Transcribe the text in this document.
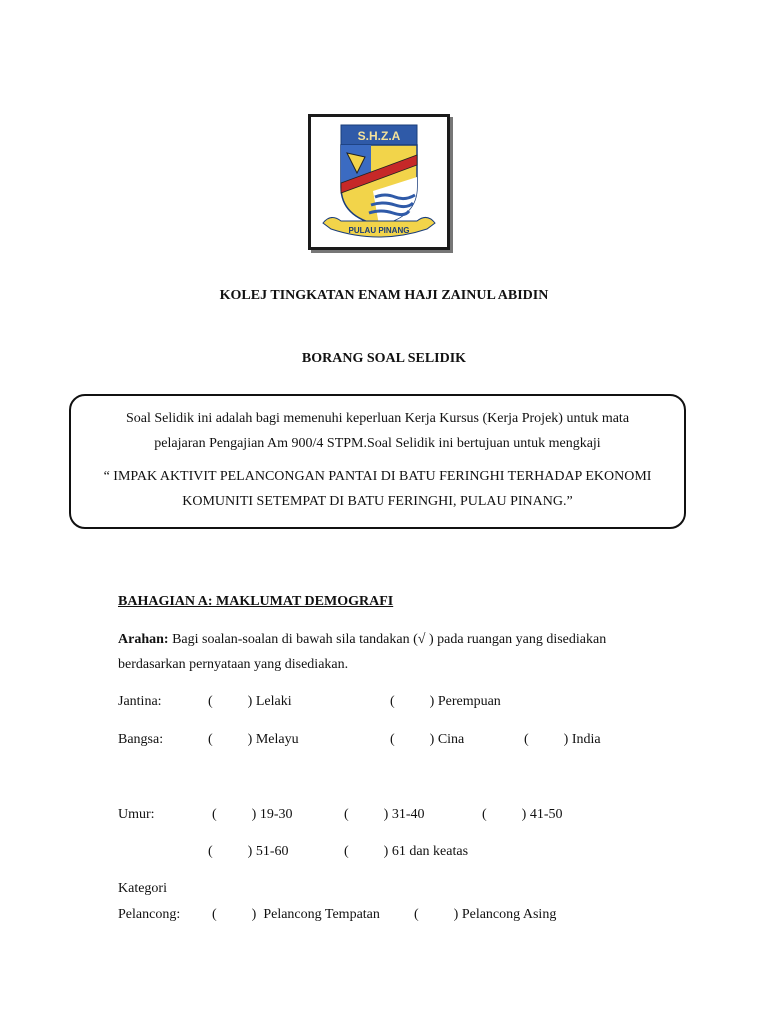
S.H.Z.A
PULAU PINANG
KOLEJ TINGKATAN ENAM HAJI ZAINUL ABIDIN
BORANG SOAL SELIDIK

Soal Selidik ini adalah bagi memenuhi keperluan Kerja Kursus (Kerja Projek) untuk mata

pelajaran Pengajian Am 900/4 STPM.Soal Selidik ini bertujuan untuk mengkaji

“ IMPAK AKTIVIT PELANCONGAN PANTAI DI BATU FERINGHI TERHADAP EKONOMI

KOMUNITI SETEMPAT DI BATU FERINGHI, PULAU PINANG.”

BAHAGIAN A: MAKLUMAT DEMOGRAFI
Arahan: Bagi soalan-soalan di bawah sila tandakan (√ ) pada ruangan yang disediakan
berdasarkan pernyataan yang disediakan.
Jantina:	(          ) Lelaki	(          ) Perempuan
Bangsa:	(          ) Melayu	(          ) Cina	(          ) India
Umur:	(          ) 19-30	(          ) 31-40	(          ) 41-50
(          ) 51-60	(          ) 61 dan keatas
Kategori
Pelancong: (          )  Pelancong Tempatan (          ) Pelancong Asing
